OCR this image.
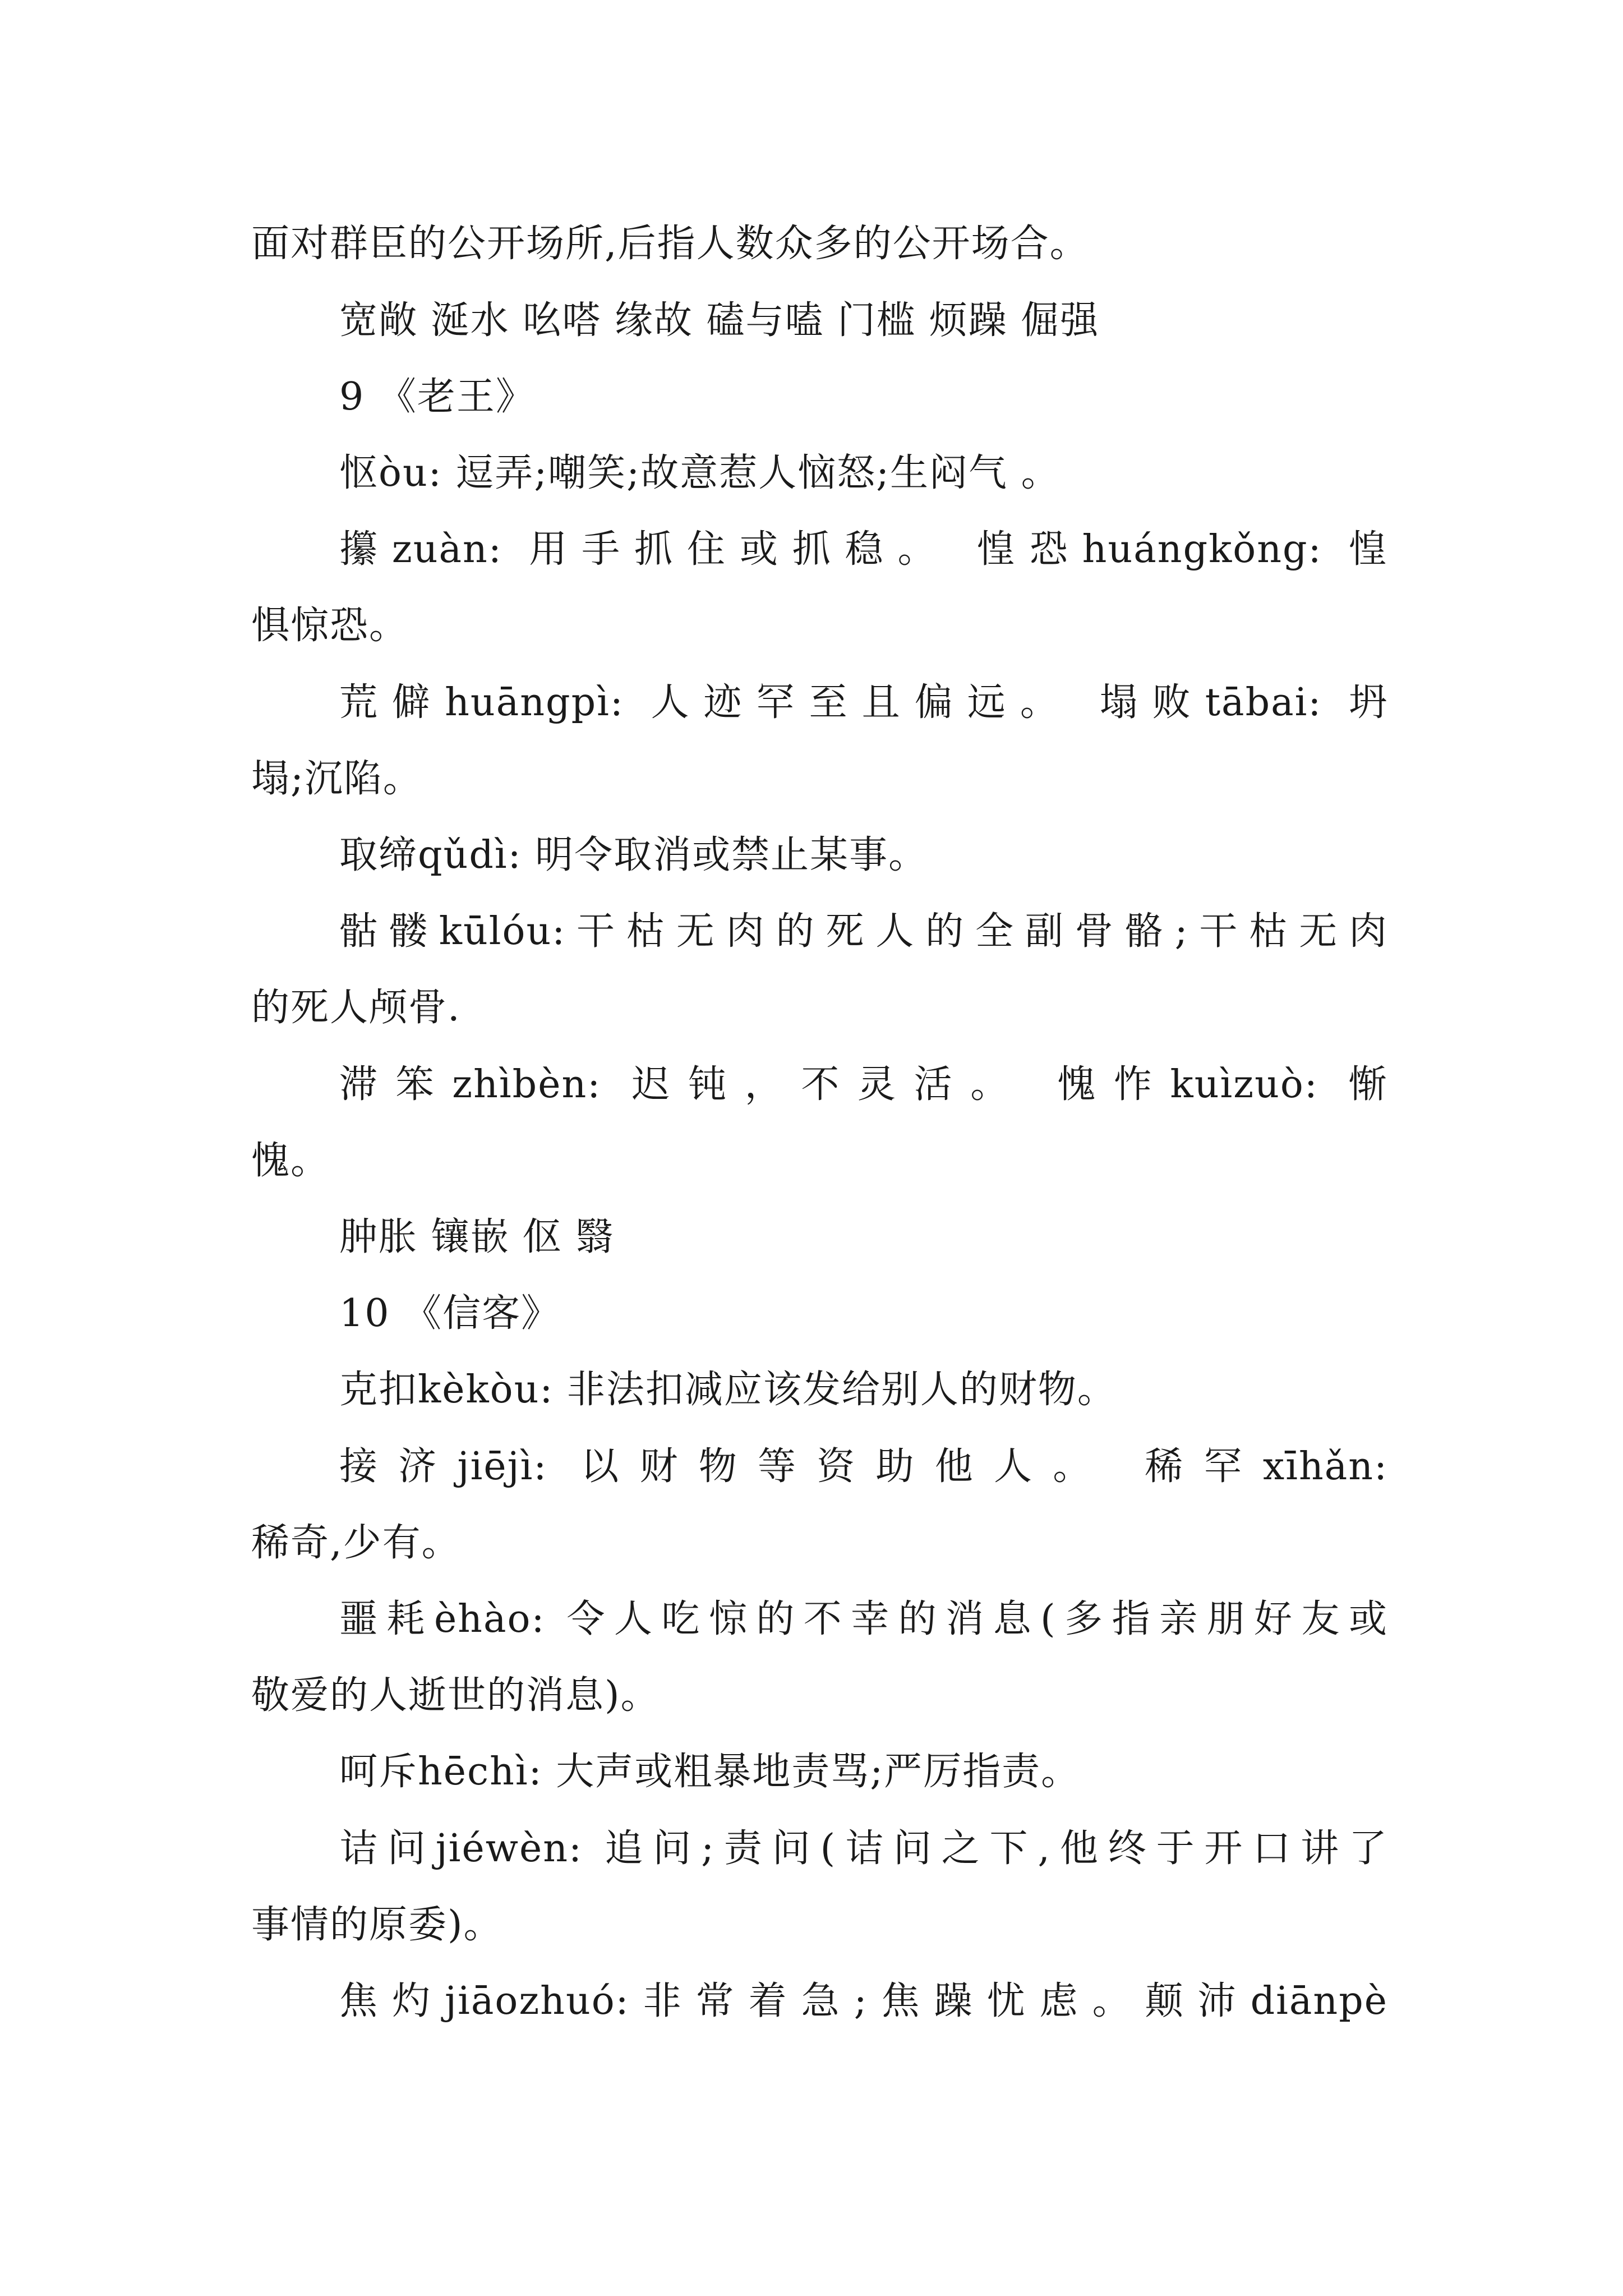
面对群臣的公开场所,后指人数众多的公开场合。
宽敞 涎水 吆嗒 缘故 磕与嗑 门槛 烦躁 倔强
9 《老王》
怄òu: 逗弄;嘲笑;故意惹人恼怒;生闷气 。
攥zuàn: 用手抓住或抓稳。 惶恐huángkǒng: 惶
惧惊恐。
荒僻huāngpì: 人迹罕至且偏远。 塌败tābai: 坍
塌;沉陷。
取缔qǔdì: 明令取消或禁止某事。
骷髅kūlóu:干枯无肉的死人的全副骨骼;干枯无肉
的死人颅骨.
滞笨zhìbèn: 迟钝，不灵活。 愧怍kuìzuò: 惭
愧。
肿胀 镶嵌 伛 翳
10 《信客》
克扣kèkòu: 非法扣减应该发给别人的财物。
接济jiējì: 以财物等资助他人。 稀罕xīhǎn:
稀奇,少有。
噩耗èhào: 令人吃惊的不幸的消息(多指亲朋好友或
敬爱的人逝世的消息)。
呵斥hēchì: 大声或粗暴地责骂;严厉指责。
诘问jiéwèn: 追问;责问(诘问之下,他终于开口讲了
事情的原委)。
焦灼jiāozhuó:非常着急;焦躁忧虑。颠沛diānpè
